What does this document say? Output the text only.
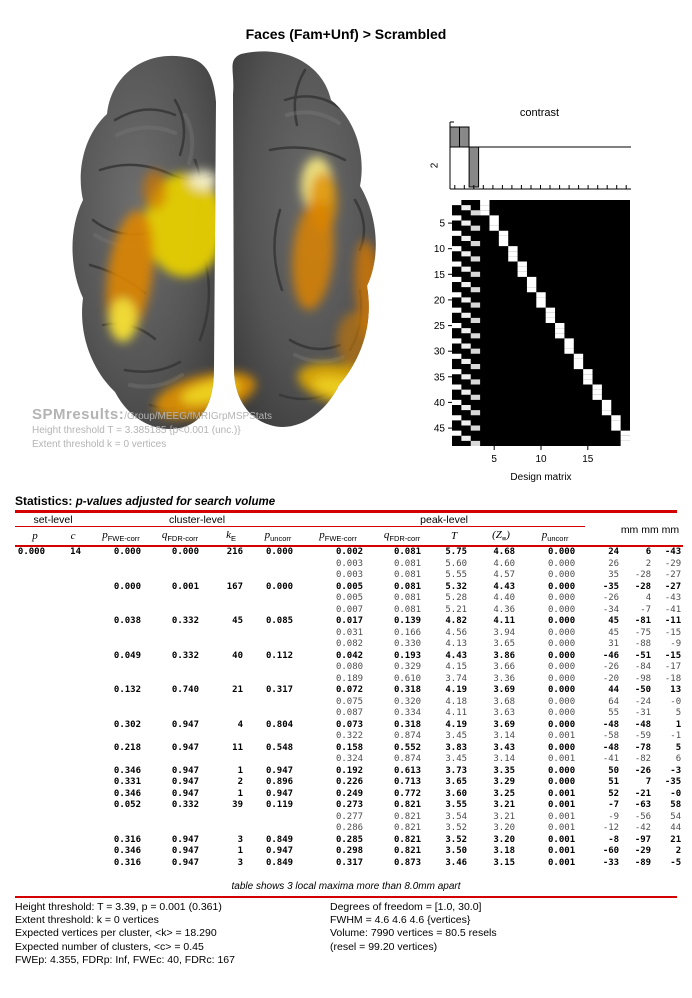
Faces (Fam+Unf) > Scrambled
SPMresults:/Group/MEEG/fMRIGrpMSPStats
Height threshold T = 3.385185 {p<0.001 (unc.)}
Extent threshold k = 0 vertices
contrast
2
5
10
15
20
25
30
35
40
45
5	10	15
Design matrix
Statistics: p-values adjusted for search volume
set-level		cluster-level				peak-level					mm mm mm		
p	c	$p_{FWE-corr}$	$q_{FDR-corr}$	$k_E$	$p_{uncorr}$	$p_{FWE-corr}$	$q_{FDR-corr}$	T	$(Z_\equiv)$	$p_{uncorr}$
0.000	14	0.000	0.000	216	0.000	0.002	0.081	5.75	4.68	0.000	24	6	-43
						0.003	0.081	5.60	4.60	0.000	26	2	-29
						0.003	0.081	5.55	4.57	0.000	35	-28	-27
		0.000	0.001	167	0.000	0.005	0.081	5.32	4.43	0.000	-35	-28	-27
						0.005	0.081	5.28	4.40	0.000	-26	4	-43
						0.007	0.081	5.21	4.36	0.000	-34	-7	-41
		0.038	0.332	45	0.085	0.017	0.139	4.82	4.11	0.000	45	-81	-11
						0.031	0.166	4.56	3.94	0.000	45	-75	-15
						0.082	0.330	4.13	3.65	0.000	31	-88	-9
		0.049	0.332	40	0.112	0.042	0.193	4.43	3.86	0.000	-46	-51	-15
						0.080	0.329	4.15	3.66	0.000	-26	-84	-17
						0.189	0.610	3.74	3.36	0.000	-20	-98	-18
		0.132	0.740	21	0.317	0.072	0.318	4.19	3.69	0.000	44	-50	13
						0.075	0.320	4.18	3.68	0.000	64	-24	-0
						0.087	0.334	4.11	3.63	0.000	55	-31	5
		0.302	0.947	4	0.804	0.073	0.318	4.19	3.69	0.000	-48	-48	1
						0.322	0.874	3.45	3.14	0.001	-58	-59	-1
		0.218	0.947	11	0.548	0.158	0.552	3.83	3.43	0.000	-48	-78	5
						0.324	0.874	3.45	3.14	0.001	-41	-82	6
		0.346	0.947	1	0.947	0.192	0.613	3.73	3.35	0.000	50	-26	-3
		0.331	0.947	2	0.896	0.226	0.713	3.65	3.29	0.000	51	7	-35
		0.346	0.947	1	0.947	0.249	0.772	3.60	3.25	0.001	52	-21	-0
		0.052	0.332	39	0.119	0.273	0.821	3.55	3.21	0.001	-7	-63	58
						0.277	0.821	3.54	3.21	0.001	-9	-56	54
						0.286	0.821	3.52	3.20	0.001	-12	-42	44
		0.316	0.947	3	0.849	0.285	0.821	3.52	3.20	0.001	-8	-97	21
		0.346	0.947	1	0.947	0.298	0.821	3.50	3.18	0.001	-60	-29	2
		0.316	0.947	3	0.849	0.317	0.873	3.46	3.15	0.001	-33	-89	-5
table shows 3 local maxima more than 8.0mm apart
Height threshold: T = 3.39, p = 0.001 (0.361)
Extent threshold: k = 0 vertices
Expected vertices per cluster, <k> = 18.290
Expected number of clusters, <c> = 0.45
FWEp: 4.355, FDRp: Inf, FWEc: 40, FDRc: 167
Degrees of freedom = [1.0, 30.0]
FWHM = 4.6 4.6 4.6 {vertices}
Volume: 7990 vertices = 80.5 resels
(resel = 99.20 vertices)
